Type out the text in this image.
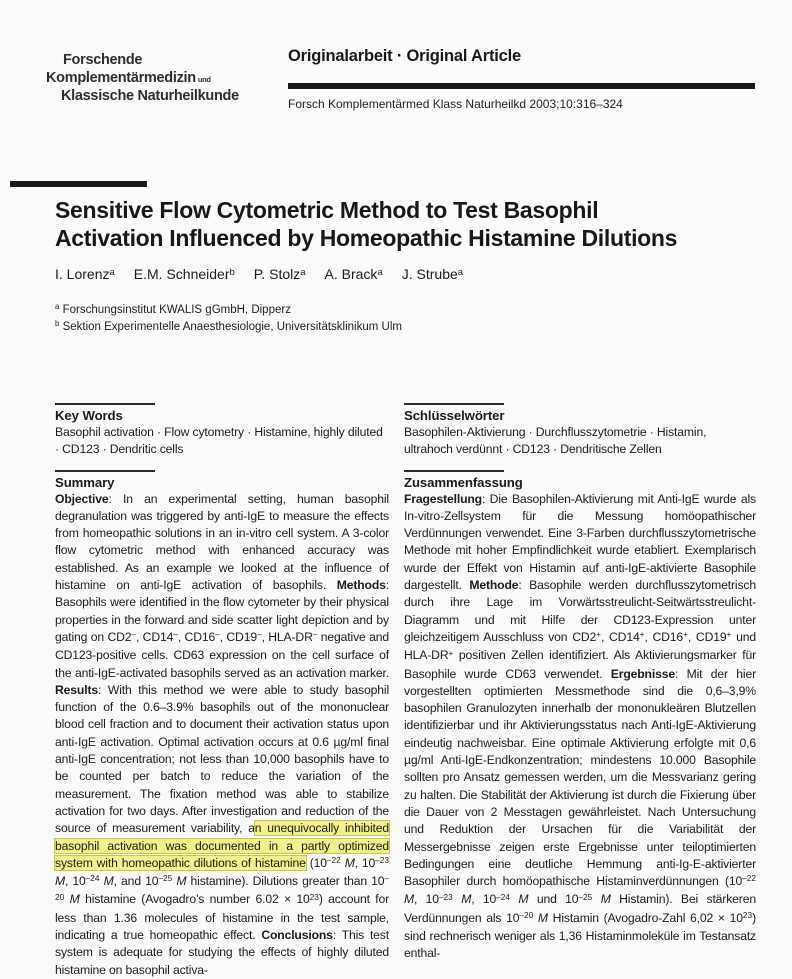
Forschende
Komplementärmedizin und
Klassische Naturheilkunde
Originalarbeit · Original Article
Forsch Komplementärmed Klass Naturheilkd 2003;10:316–324
Sensitive Flow Cytometric Method to Test Basophil
Activation Influenced by Homeopathic Histamine Dilutions
I. Lorenz$^a$ E.M. Schneider$^b$ P. Stolz$^a$ A. Brack$^a$ J. Strube$^a$
$^a$ Forschungsinstitut KWALIS gGmbH, Dipperz
$^b$ Sektion Experimentelle Anaesthesiologie, Universitätsklinikum Ulm
Key Words
Basophil activation · Flow cytometry · Histamine, highly diluted · CD123 · Dendritic cells
Summary
Objective: In an experimental setting, human basophil degranulation was triggered by anti-IgE to measure the effects from homeopathic solutions in an in-vitro cell system. A 3-color flow cytometric method with enhanced accuracy was established. As an example we looked at the influence of histamine on anti-IgE activation of basophils. Methods: Basophils were identified in the flow cytometer by their physical properties in the forward and side scatter light depiction and by gating on CD2–, CD14–, CD16–, CD19–, HLA-DR– negative and CD123-positive cells. CD63 expression on the cell surface of the anti-IgE-activated basophils served as an activation marker. Results: With this method we were able to study basophil function of the 0.6–3.9% basophils out of the mononuclear blood cell fraction and to document their activation status upon anti-IgE activation. Optimal activation occurs at 0.6 µg/ml final anti-IgE concentration; not less than 10,000 basophils have to be counted per batch to reduce the variation of the measurement. The fixation method was able to stabilize activation for two days. After investigation and reduction of the source of measurement variability, an unequivocally inhibited basophil activation was documented in a partly optimized system with homeopathic dilutions of histamine ($10^{-22}$ M, $10^{-23}$ M, $10^{-24}$ M, and $10^{-25}$ M histamine). Dilutions greater than $10^{-20}$ M histamine (Avogadro’s number $6.02 \times 10^{23}$) account for less than 1.36 molecules of histamine in the test sample, indicating a true homeopathic effect. Conclusions: This test system is adequate for studying the effects of highly diluted histamine on basophil activa-
Schlüsselwörter
Basophilen-Aktivierung · Durchflusszytometrie · Histamin, ultrahoch verdünnt · CD123 · Dendritische Zellen
Zusammenfassung
Fragestellung: Die Basophilen-Aktivierung mit Anti-IgE wurde als In-vitro-Zellsystem für die Messung homöopathischer Verdünnungen verwendet. Eine 3-Farben durchflusszytometrische Methode mit hoher Empfindlichkeit wurde etabliert. Exemplarisch wurde der Effekt von Histamin auf anti-IgE-aktivierte Basophile dargestellt. Methode: Basophile werden durchflusszytometrisch durch ihre Lage im Vorwärtsstreulicht-Seitwärtsstreulicht-Diagramm und mit Hilfe der CD123-Expression unter gleichzeitigem Ausschluss von CD2+, CD14+, CD16+, CD19+ und HLA-DR+ positiven Zellen identifiziert. Als Aktivierungsmarker für Basophile wurde CD63 verwendet. Ergebnisse: Mit der hier vorgestellten optimierten Messmethode sind die 0,6–3,9% basophilen Granulozyten innerhalb der mononukleären Blutzellen identifizierbar und ihr Aktivierungsstatus nach Anti-IgE-Aktivierung eindeutig nachweisbar. Eine optimale Aktivierung erfolgte mit 0,6 µg/ml Anti-IgE-Endkonzentration; mindestens 10.000 Basophile sollten pro Ansatz gemessen werden, um die Messvarianz gering zu halten. Die Stabilität der Aktivierung ist durch die Fixierung über die Dauer von 2 Messtagen gewährleistet. Nach Untersuchung und Reduktion der Ursachen für die Variabilität der Messergebnisse zeigen erste Ergebnisse unter teiloptimierten Bedingungen eine deutliche Hemmung anti-Ig-E-aktivierter Basophiler durch homöopathische Histaminverdünnungen ($10^{-22}$ M, $10^{-23}$ M, $10^{-24}$ M und $10^{-25}$ M Histamin). Bei stärkeren Verdünnungen als $10^{-20}$ M Histamin (Avogadro-Zahl $6,02 \times 10^{23}$) sind rechnerisch weniger als 1,36 Histaminmoleküle im Testansatz enthal-
